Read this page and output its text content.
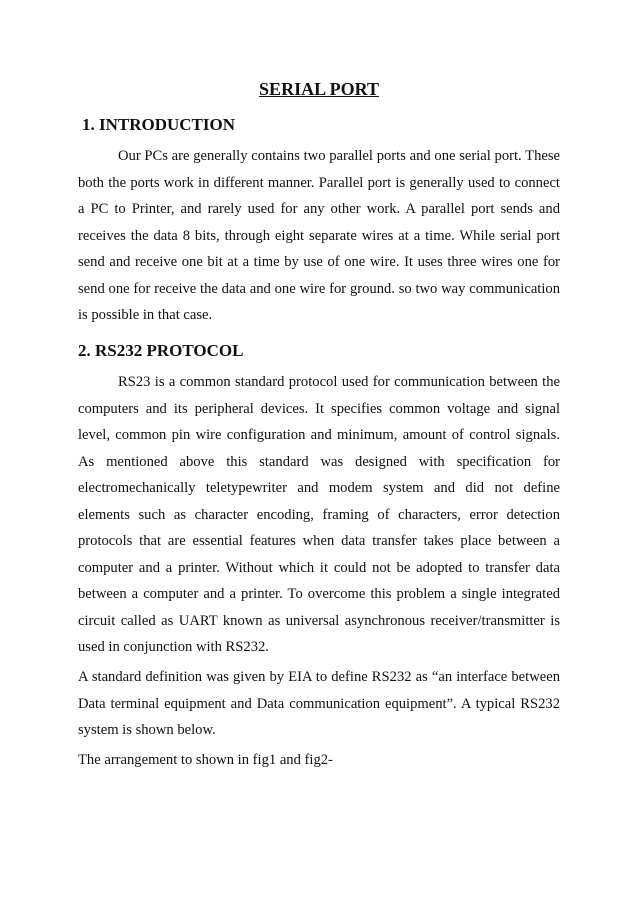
SERIAL PORT
1. INTRODUCTION

Our PCs are generally contains two parallel ports and one serial port. These both the ports work in different manner. Parallel port is generally used to connect a PC to Printer, and rarely used for any other work. A parallel port sends and receives the data 8 bits, through eight separate wires at a time. While serial port send and receive one bit at a time by use of one wire. It uses three wires one for send one for receive the data and one wire for ground. so two way communication is possible in that case.

2. RS232 PROTOCOL

RS23 is a common standard protocol used for communication between the computers and its peripheral devices. It specifies common voltage and signal level, common pin wire configuration and minimum, amount of control signals. As mentioned above this standard was designed with specification for electromechanically teletypewriter and modem system and did not define elements such as character encoding, framing of characters, error detection protocols that are essential features when data transfer takes place between a computer and a printer. Without which it could not be adopted to transfer data between a computer and a printer. To overcome this problem a single integrated circuit called as UART known as universal asynchronous receiver/transmitter is used in conjunction with RS232.

A standard definition was given by EIA to define RS232 as “an interface between Data terminal equipment and Data communication equipment”. A typical RS232 system is shown below.

The arrangement to shown in fig1 and fig2-
